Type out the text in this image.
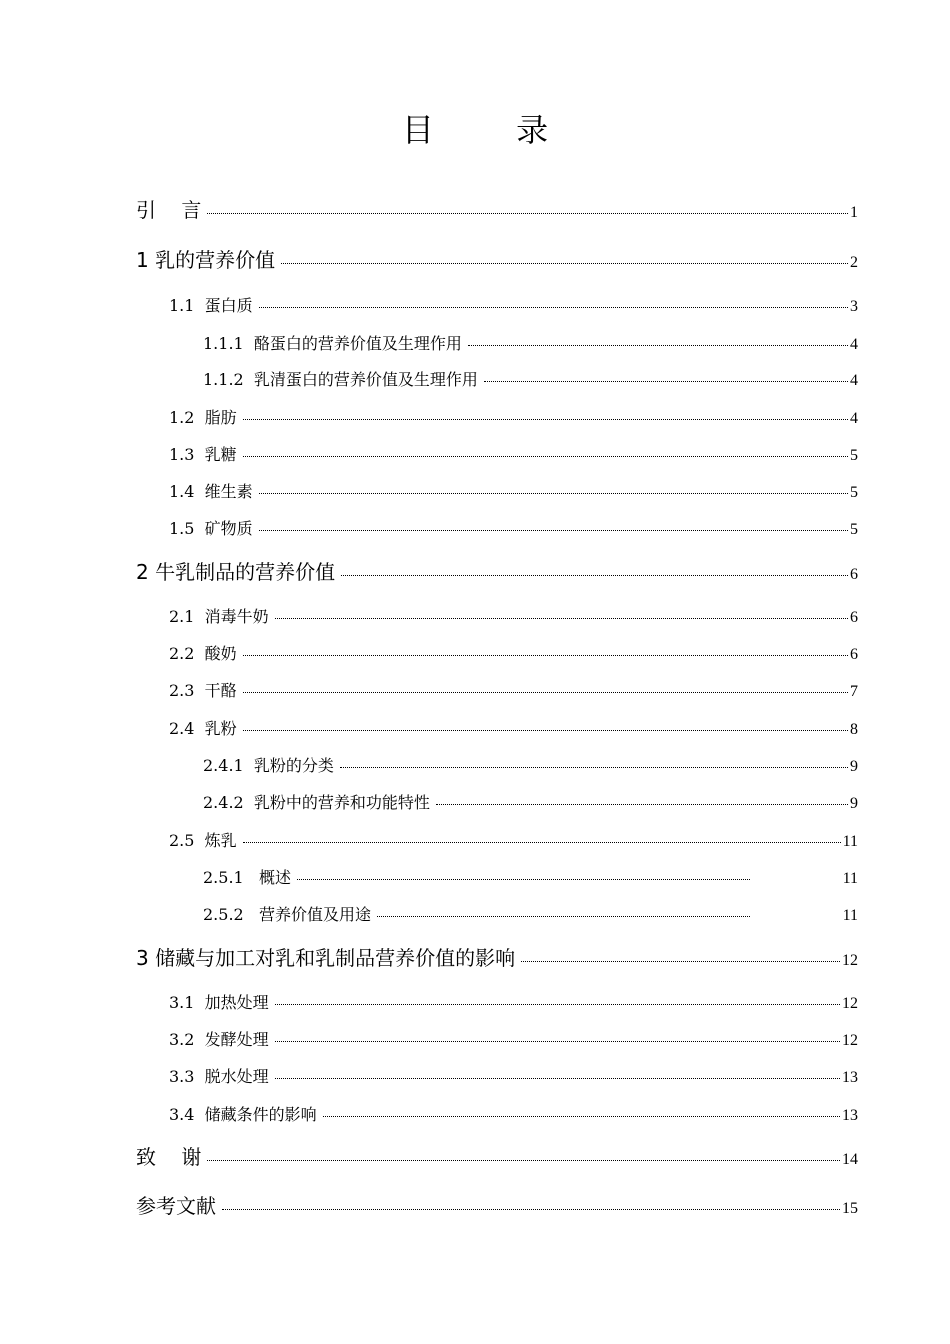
目 录
引    言	1
1 乳的营养价值	2
1.1  蛋白质	3
1.1.1  酪蛋白的营养价值及生理作用	4
1.1.2  乳清蛋白的营养价值及生理作用	4
1.2  脂肪	4
1.3  乳糖	5
1.4  维生素	5
1.5  矿物质	5
2 牛乳制品的营养价值	6
2.1  消毒牛奶	6
2.2  酸奶	6
2.3  干酪	7
2.4  乳粉	8
2.4.1  乳粉的分类	9
2.4.2  乳粉中的营养和功能特性	9
2.5  炼乳	11
2.5.1   概述	11
2.5.2   营养价值及用途	11
3 储藏与加工对乳和乳制品营养价值的影响	12
3.1  加热处理	12
3.2  发酵处理	12
3.3  脱水处理	13
3.4  储藏条件的影响	13
致    谢	14
参考文献	15
